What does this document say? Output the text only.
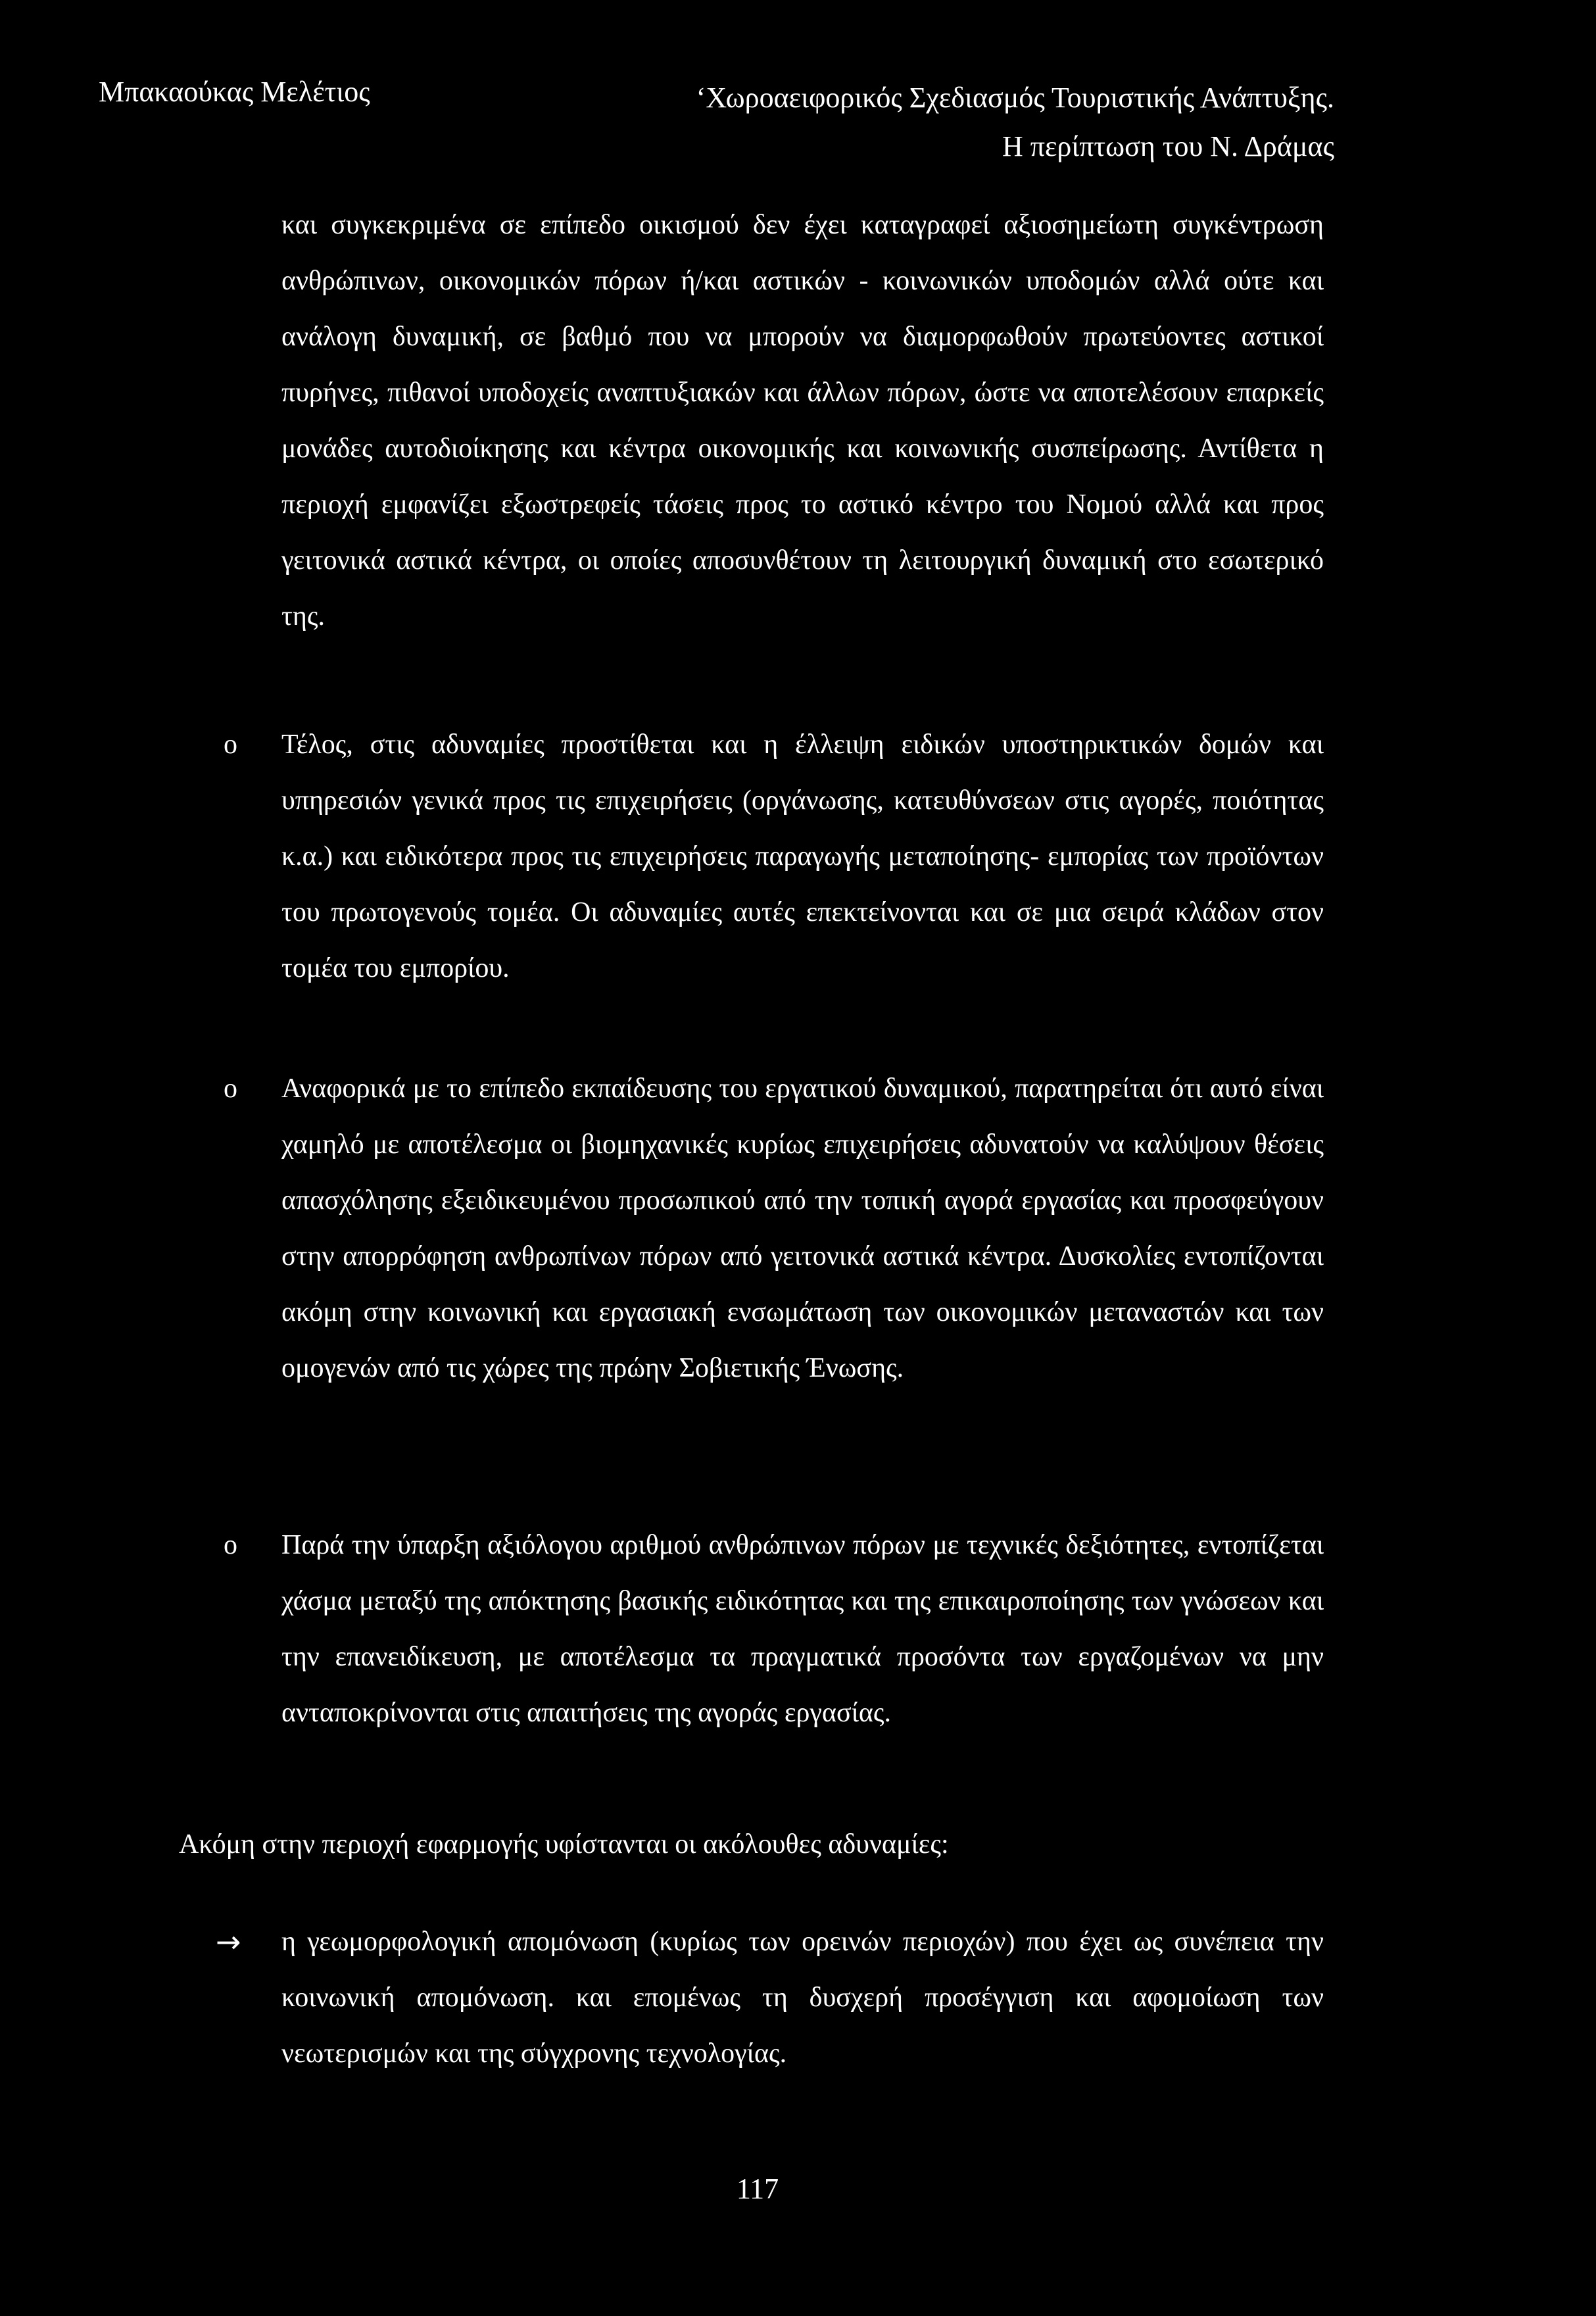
Μπακαούκας Μελέτιος	‘Χωροαειφορικός Σχεδιασμός Τουριστικής Ανάπτυξης.
Η περίπτωση του Ν. Δράμας

και συγκεκριμένα σε επίπεδο οικισμού δεν έχει καταγραφεί αξιοσημείωτη συγκέντρωση ανθρώπινων, οικονομικών πόρων ή/και αστικών - κοινωνικών υποδομών αλλά ούτε και ανάλογη δυναμική, σε βαθμό που να μπορούν να διαμορφωθούν πρωτεύοντες αστικοί πυρήνες, πιθανοί υποδοχείς αναπτυξιακών και άλλων πόρων, ώστε να αποτελέσουν επαρκείς μονάδες αυτοδιοίκησης και κέντρα οικονομικής και κοινωνικής συσπείρωσης. Αντίθετα η περιοχή εμφανίζει εξωστρεφείς τάσεις προς το αστικό κέντρο του Νομού αλλά και προς γειτονικά αστικά κέντρα, οι οποίες αποσυνθέτουν τη λειτουργική δυναμική στο εσωτερικό της.

o Τέλος, στις αδυναμίες προστίθεται και η έλλειψη ειδικών υποστηρικτικών δομών και υπηρεσιών γενικά προς τις επιχειρήσεις (οργάνωσης, κατευθύνσεων στις αγορές, ποιότητας κ.α.) και ειδικότερα προς τις επιχειρήσεις παραγωγής μεταποίησης- εμπορίας των προϊόντων του πρωτογενούς τομέα. Οι αδυναμίες αυτές επεκτείνονται και σε μια σειρά κλάδων στον τομέα του εμπορίου.

o Αναφορικά με το επίπεδο εκπαίδευσης του εργατικού δυναμικού, παρατηρείται ότι αυτό είναι χαμηλό με αποτέλεσμα οι βιομηχανικές κυρίως επιχειρήσεις αδυνατούν να καλύψουν θέσεις απασχόλησης εξειδικευμένου προσωπικού από την τοπική αγορά εργασίας και προσφεύγουν στην απορρόφηση ανθρωπίνων πόρων από γειτονικά αστικά κέντρα. Δυσκολίες εντοπίζονται ακόμη στην κοινωνική και εργασιακή ενσωμάτωση των οικονομικών μεταναστών και των ομογενών από τις χώρες της πρώην Σοβιετικής Ένωσης.

o Παρά την ύπαρξη αξιόλογου αριθμού ανθρώπινων πόρων με τεχνικές δεξιότητες, εντοπίζεται χάσμα μεταξύ της απόκτησης βασικής ειδικότητας και της επικαιροποίησης των γνώσεων και την επανειδίκευση, με αποτέλεσμα τα πραγματικά προσόντα των εργαζομένων να μην ανταποκρίνονται στις απαιτήσεις της αγοράς εργασίας.

Ακόμη στην περιοχή εφαρμογής υφίστανται οι ακόλουθες αδυναμίες:

→ η γεωμορφολογική απομόνωση (κυρίως των ορεινών περιοχών) που έχει ως συνέπεια την κοινωνική απομόνωση. και επομένως τη δυσχερή προσέγγιση και αφομοίωση των νεωτερισμών και της σύγχρονης τεχνολογίας.

117
